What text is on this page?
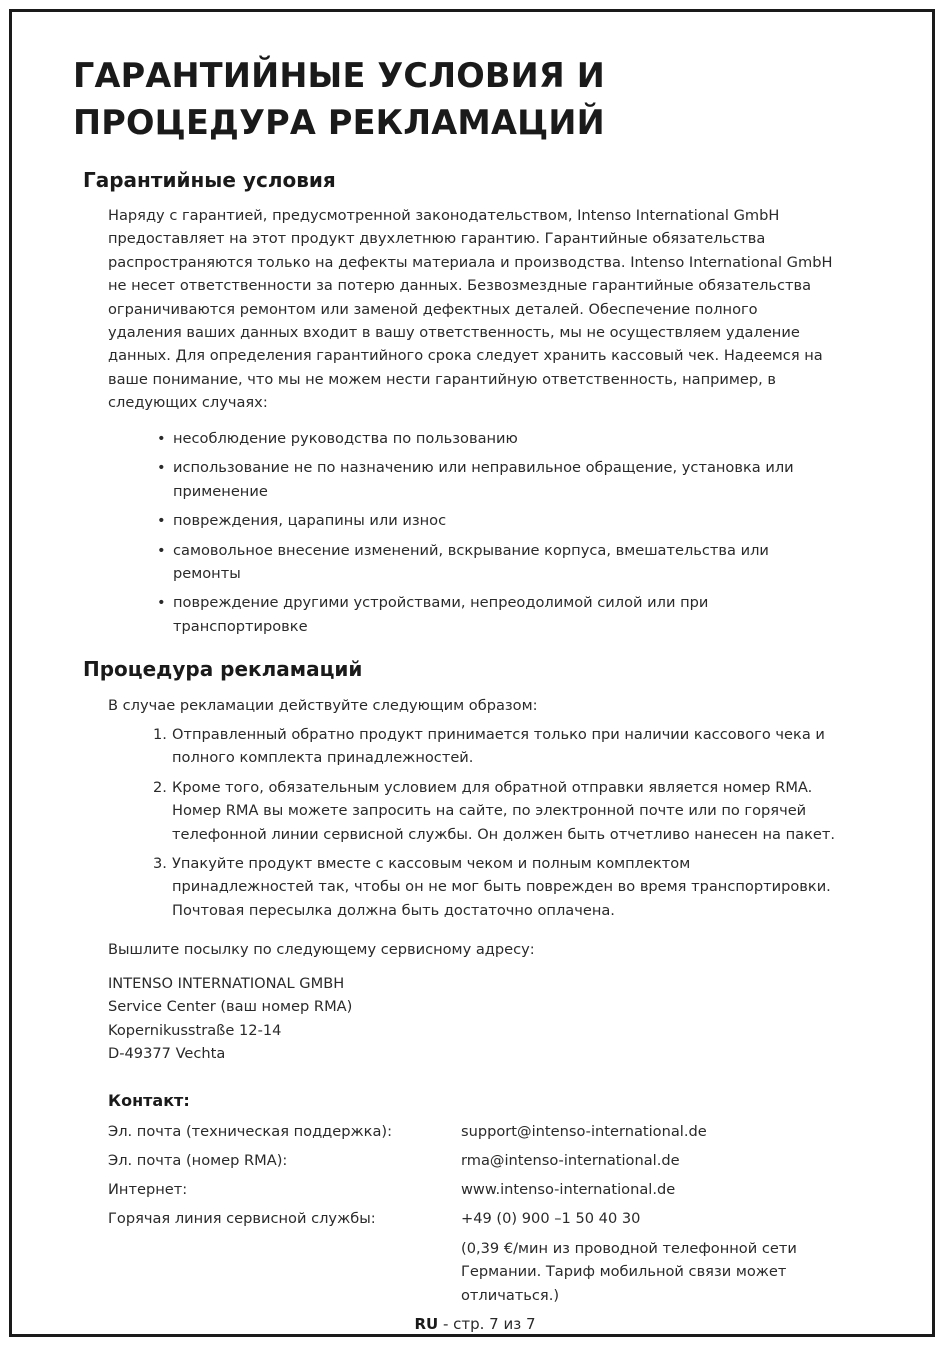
ГАРАНТИЙНЫЕ УСЛОВИЯ И
ПРОЦЕДУРА РЕКЛАМАЦИЙ
Гарантийные условия
Наряду с гарантией, предусмотренной законодательством, Intenso International GmbH
предоставляет на этот продукт двухлетнюю гарантию. Гарантийные обязательства
распространяются только на дефекты материала и производства. Intenso International GmbH
не несет ответственности за потерю данных. Безвозмездные гарантийные обязательства
ограничиваются ремонтом или заменой дефектных деталей. Обеспечение полного
удаления ваших данных входит в вашу ответственность, мы не осуществляем удаление
данных. Для определения гарантийного срока следует хранить кассовый чек. Надеемся на
ваше понимание, что мы не можем нести гарантийную ответственность, например, в
следующих случаях:
• несоблюдение руководства по пользованию
• использование не по назначению или неправильное обращение, установка или
применение
• повреждения, царапины или износ
• самовольное внесение изменений, вскрывание корпуса, вмешательства или
ремонты
• повреждение другими устройствами, непреодолимой силой или при
транспортировке
Процедура рекламаций
В случае рекламации действуйте следующим образом:
1. Отправленный обратно продукт принимается только при наличии кассового чека и
полного комплекта принадлежностей.
2. Кроме того, обязательным условием для обратной отправки является номер RMA.
Номер RMA вы можете запросить на сайте, по электронной почте или по горячей
телефонной линии сервисной службы. Он должен быть отчетливо нанесен на пакет.
3. Упакуйте продукт вместе с кассовым чеком и полным комплектом
принадлежностей так, чтобы он не мог быть поврежден во время транспортировки.
Почтовая пересылка должна быть достаточно оплачена.
Вышлите посылку по следующему сервисному адресу:
INTENSO INTERNATIONAL GMBH
Service Center (ваш номер RMA)
Kopernikusstraße 12-14
D-49377 Vechta
Контакт:
Эл. почта (техническая поддержка):	support@intenso-international.de
Эл. почта (номер RMA):	rma@intenso-international.de
Интернет:	www.intenso-international.de
Горячая линия сервисной службы:	+49 (0) 900 –1 50 40 30
(0,39 €/мин из проводной телефонной сети
Германии. Тариф мобильной связи может
отличаться.)
RU - стр. 7 из 7
